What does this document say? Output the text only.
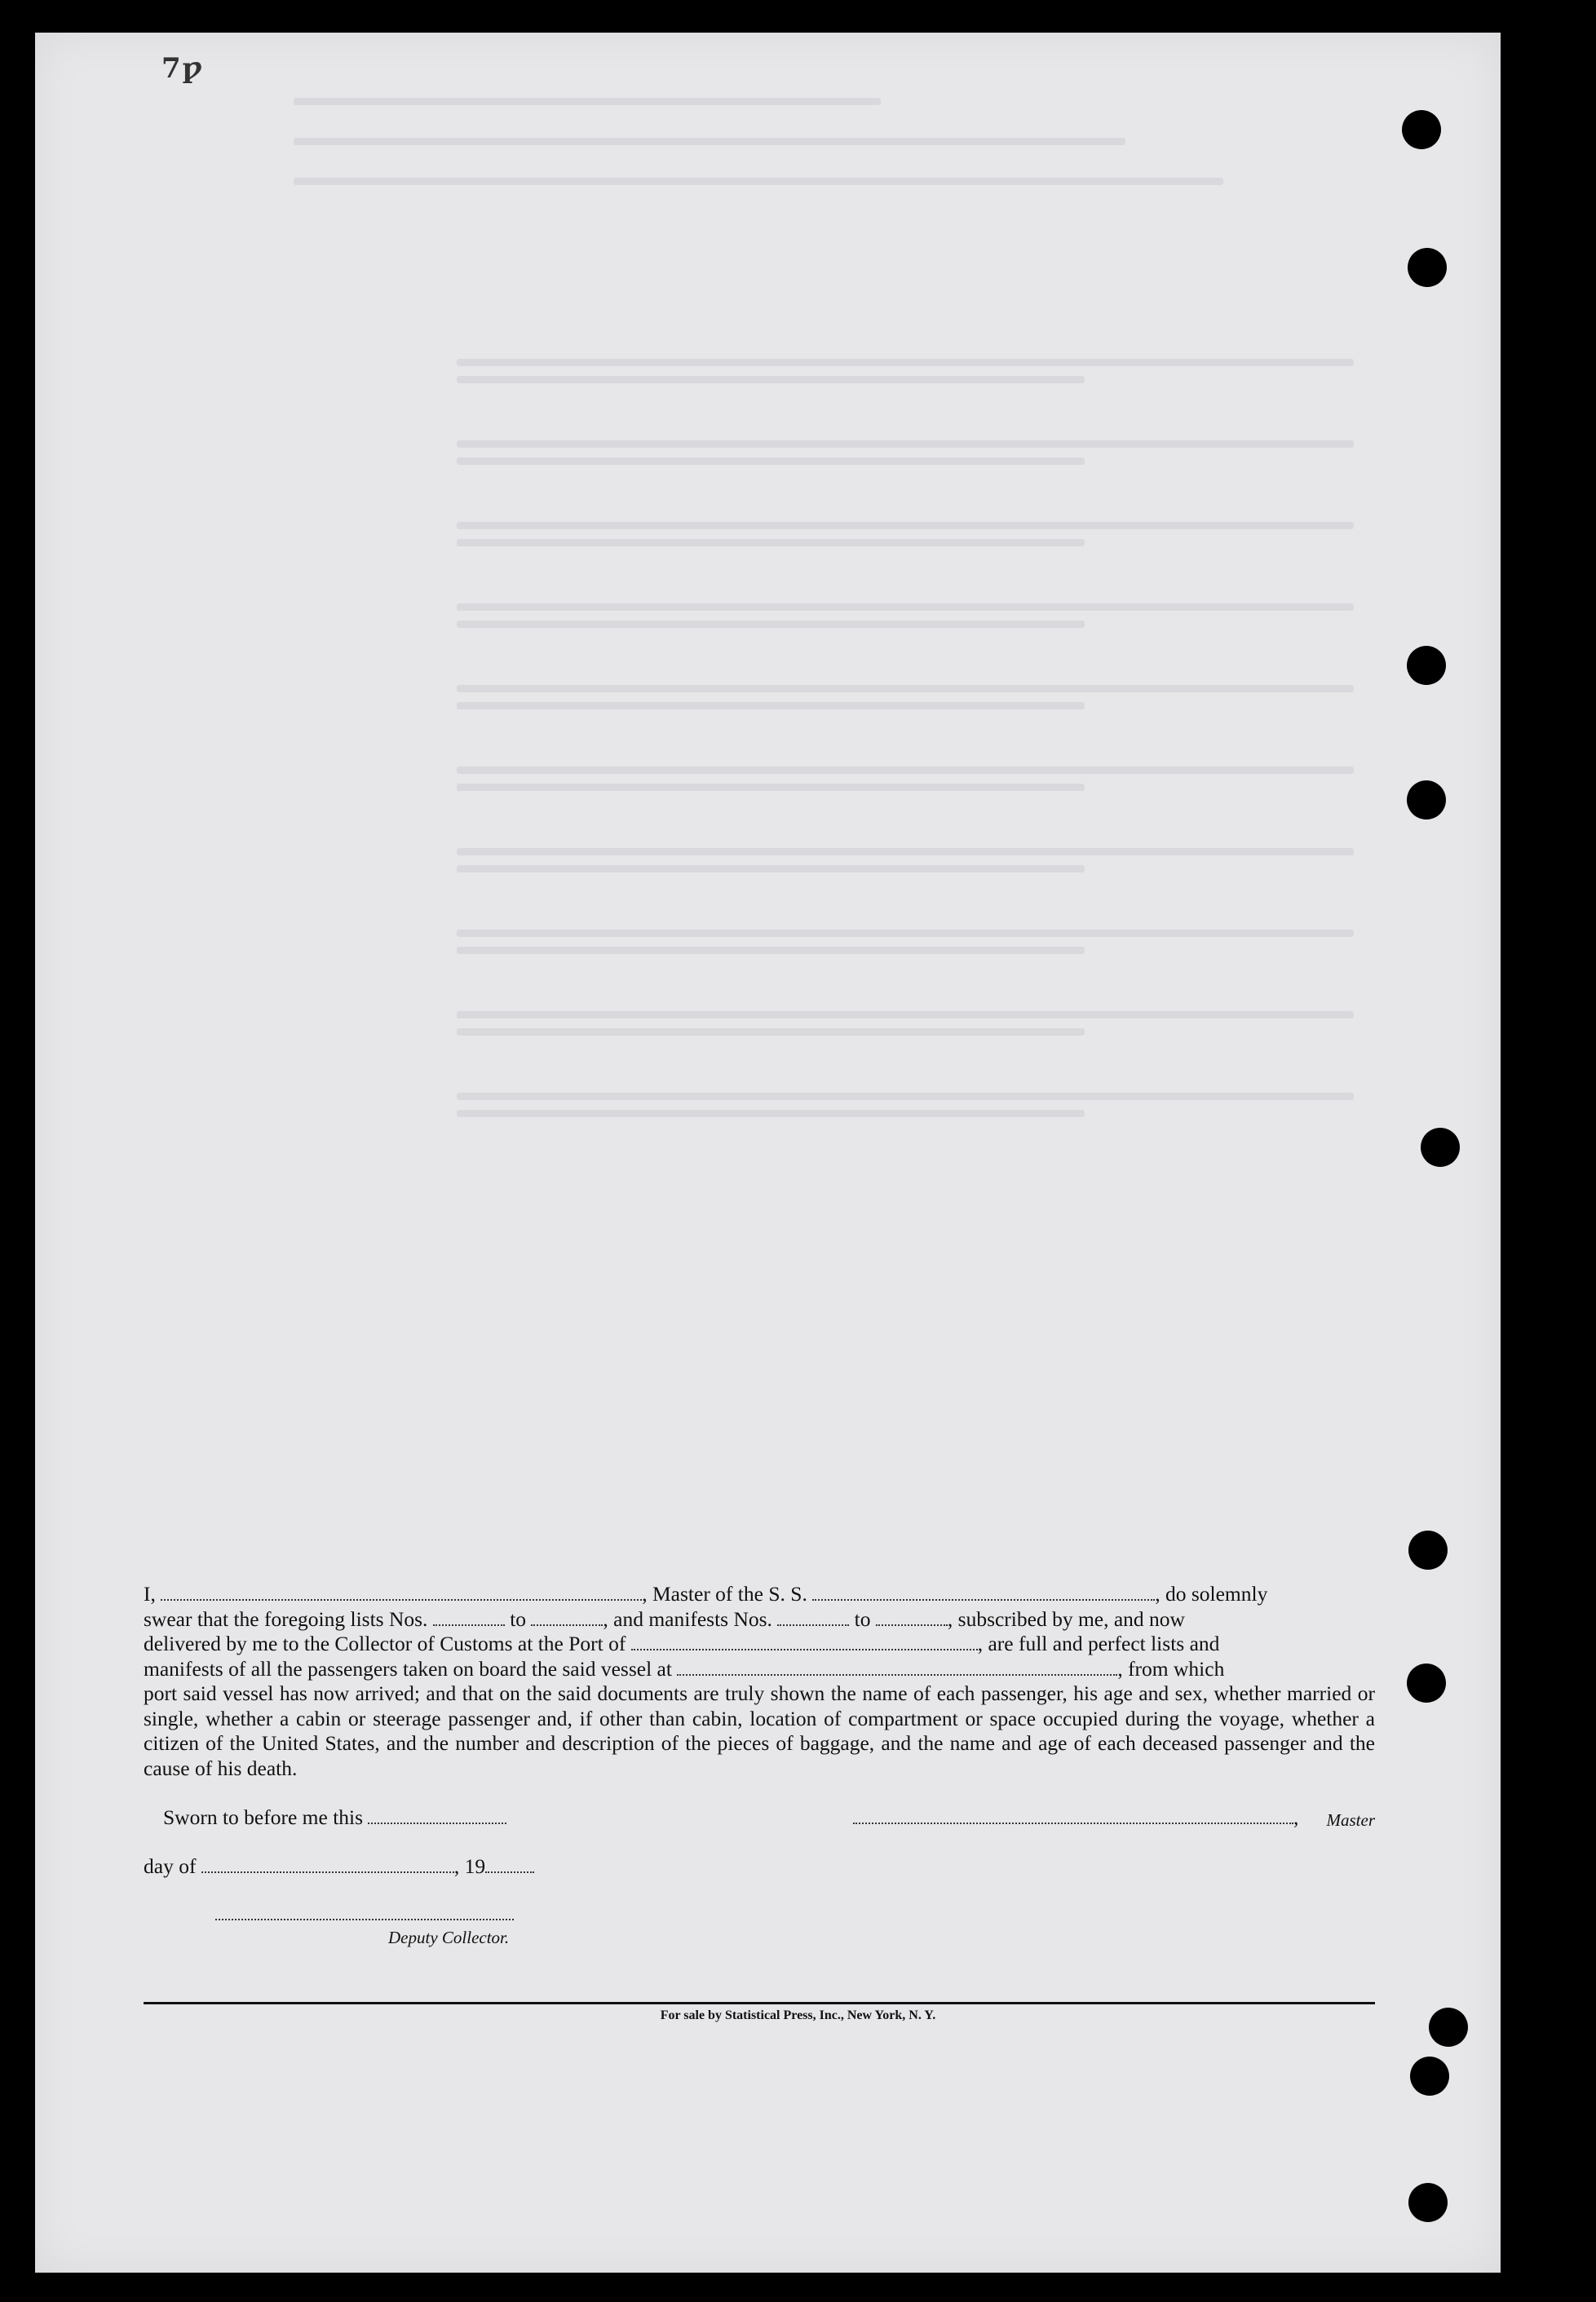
7ƿ

I,	, Master of the S. S.	, do solemnly

swear that the foregoing lists Nos.	to	, and manifests Nos.	to	, subscribed by me, and now

delivered by me to the Collector of Customs at the Port of	, are full and perfect lists and

manifests of all the passengers taken on board the said vessel at	, from which

port said vessel has now arrived; and that on the said documents are truly shown the name of each passenger, his age and sex, whether married or single, whether a cabin or steerage passenger and, if other than cabin, location of compartment or space occupied during the voyage, whether a citizen of the United States, and the number and description of the pieces of baggage, and the name and age of each deceased passenger and the cause of his death.

Sworn to before me this	, Master
day of	, 19
Deputy Collector.
For sale by Statistical Press, Inc., New York, N. Y.
